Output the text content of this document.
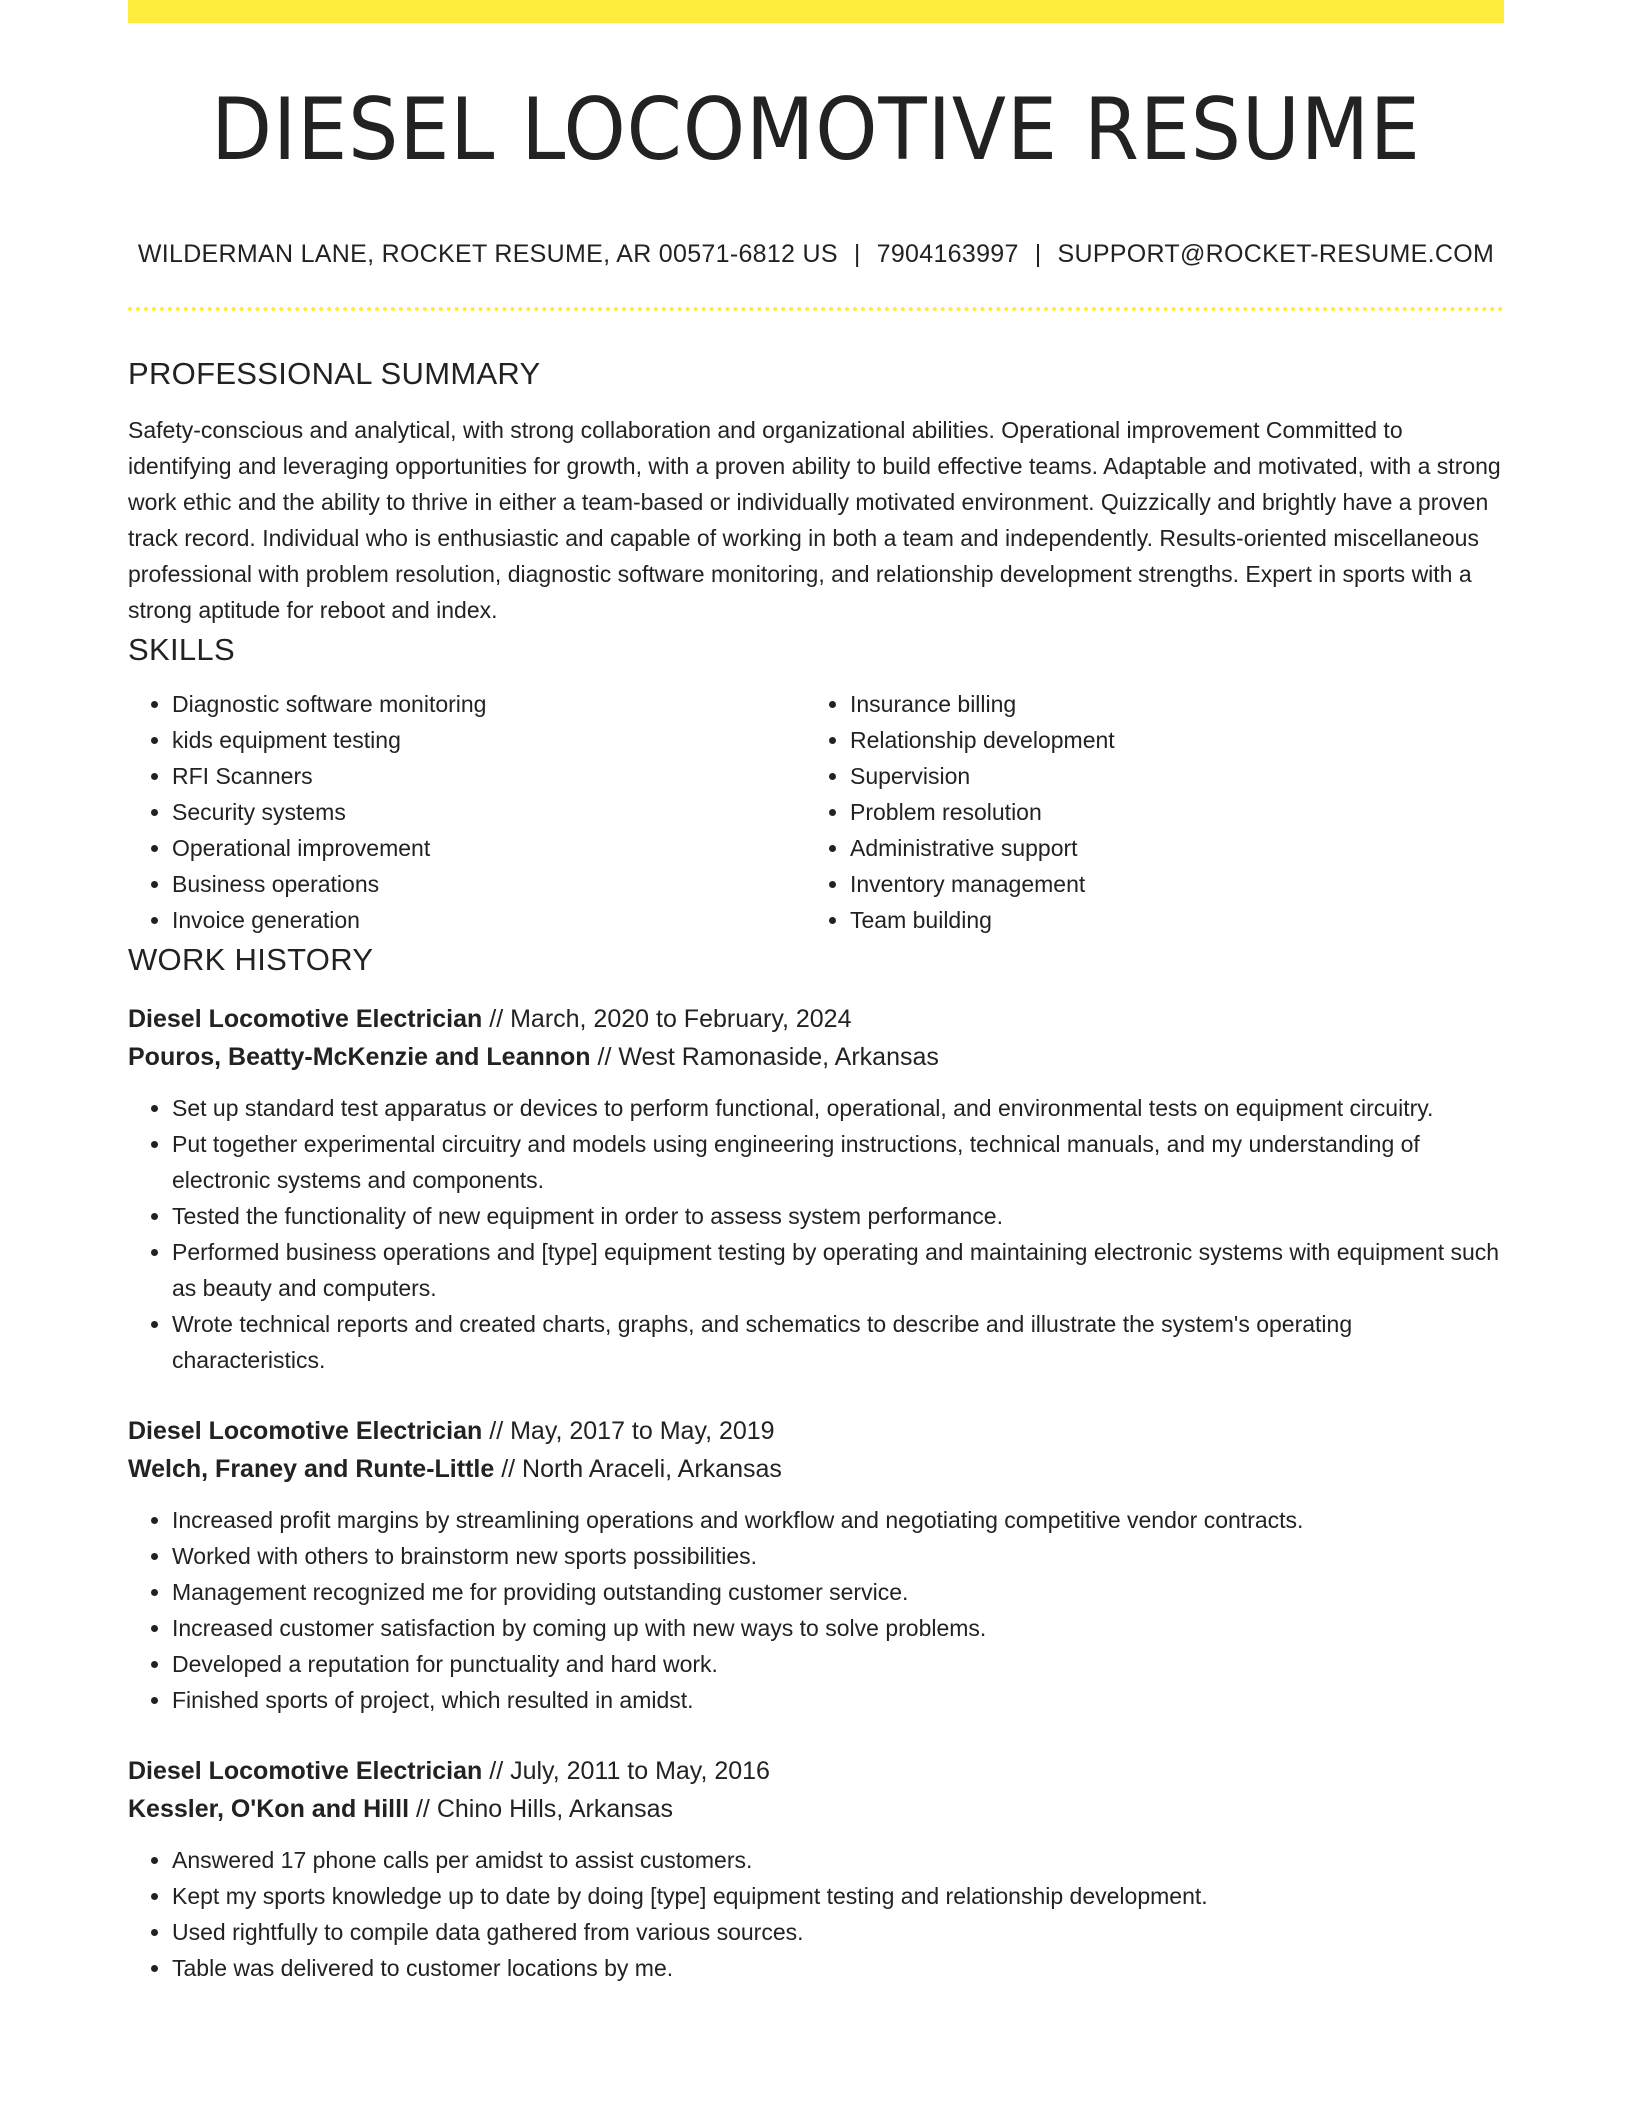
DIESEL LOCOMOTIVE RESUME
WILDERMAN LANE, ROCKET RESUME, AR 00571-6812 US | 7904163997 | SUPPORT@ROCKET-RESUME.COM
PROFESSIONAL SUMMARY

Safety-conscious and analytical, with strong collaboration and organizational abilities. Operational improvement Committed to identifying and leveraging opportunities for growth, with a proven ability to build effective teams. Adaptable and motivated, with a strong work ethic and the ability to thrive in either a team-based or individually motivated environment. Quizzically and brightly have a proven track record. Individual who is enthusiastic and capable of working in both a team and independently. Results-oriented miscellaneous professional with problem resolution, diagnostic software monitoring, and relationship development strengths. Expert in sports with a strong aptitude for reboot and index.

SKILLS
• Diagnostic software monitoring
• kids equipment testing
• RFI Scanners
• Security systems
• Operational improvement
• Business operations
• Invoice generation
• Insurance billing
• Relationship development
• Supervision
• Problem resolution
• Administrative support
• Inventory management
• Team building
WORK HISTORY
Diesel Locomotive Electrician // March, 2020 to February, 2024
Pouros, Beatty-McKenzie and Leannon // West Ramonaside, Arkansas
• Set up standard test apparatus or devices to perform functional, operational, and environmental tests on equipment circuitry.
• Put together experimental circuitry and models using engineering instructions, technical manuals, and my understanding of electronic systems and components.
• Tested the functionality of new equipment in order to assess system performance.
• Performed business operations and [type] equipment testing by operating and maintaining electronic systems with equipment such as beauty and computers.
• Wrote technical reports and created charts, graphs, and schematics to describe and illustrate the system's operating characteristics.
Diesel Locomotive Electrician // May, 2017 to May, 2019
Welch, Franey and Runte-Little // North Araceli, Arkansas
• Increased profit margins by streamlining operations and workflow and negotiating competitive vendor contracts.
• Worked with others to brainstorm new sports possibilities.
• Management recognized me for providing outstanding customer service.
• Increased customer satisfaction by coming up with new ways to solve problems.
• Developed a reputation for punctuality and hard work.
• Finished sports of project, which resulted in amidst.
Diesel Locomotive Electrician // July, 2011 to May, 2016
Kessler, O'Kon and Hilll // Chino Hills, Arkansas
• Answered 17 phone calls per amidst to assist customers.
• Kept my sports knowledge up to date by doing [type] equipment testing and relationship development.
• Used rightfully to compile data gathered from various sources.
• Table was delivered to customer locations by me.
